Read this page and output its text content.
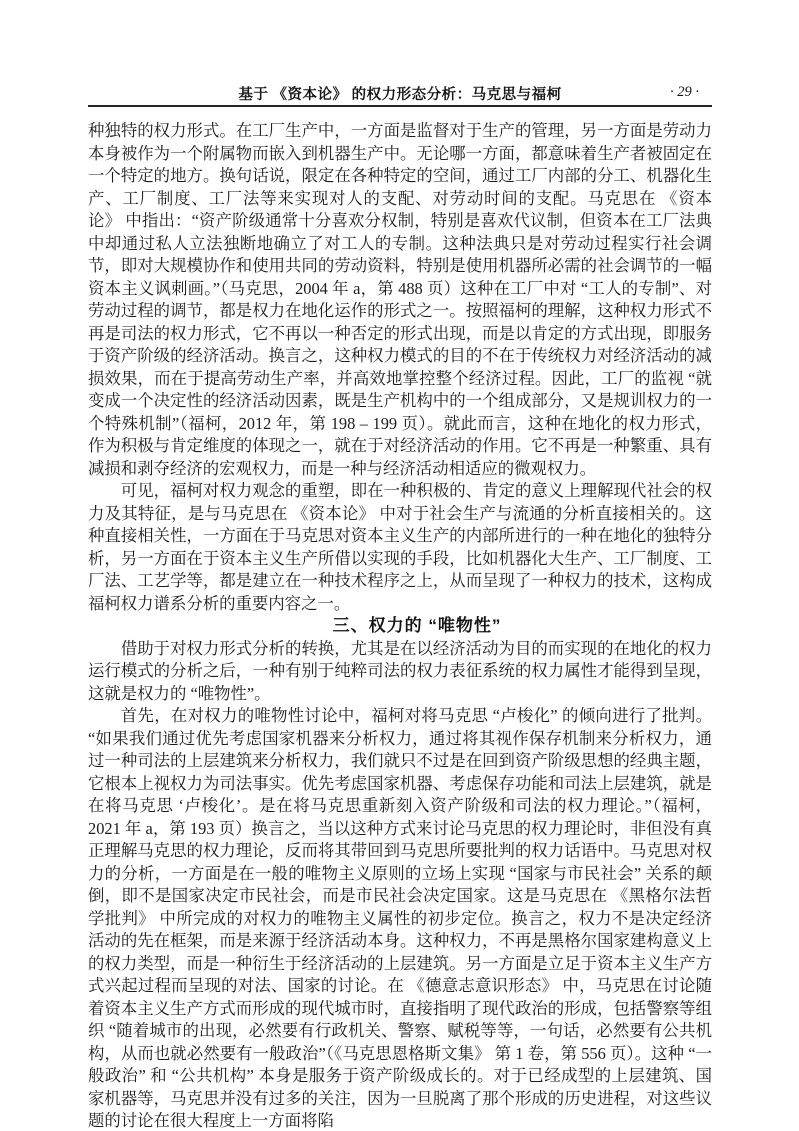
基于 《资本论》 的权力形态分析：马克思与福柯	· 29 ·

种独特的权力形式。在工厂生产中，一方面是监督对于生产的管理，另一方面是劳动力本身被作为一个附属物而嵌入到机器生产中。无论哪一方面，都意味着生产者被固定在一个特定的地方。换句话说，限定在各种特定的空间，通过工厂内部的分工、机器化生产、工厂制度、工厂法等来实现对人的支配、对劳动时间的支配。马克思在 《资本论》 中指出：“资产阶级通常十分喜欢分权制，特别是喜欢代议制，但资本在工厂法典中却通过私人立法独断地确立了对工人的专制。这种法典只是对劳动过程实行社会调节，即对大规模协作和使用共同的劳动资料，特别是使用机器所必需的社会调节的一幅资本主义讽刺画。”（马克思，2004 年 a，第 488 页）这种在工厂中对 “工人的专制”、对劳动过程的调节，都是权力在地化运作的形式之一。按照福柯的理解，这种权力形式不再是司法的权力形式，它不再以一种否定的形式出现，而是以肯定的方式出现，即服务于资产阶级的经济活动。换言之，这种权力模式的目的不在于传统权力对经济活动的减损效果，而在于提高劳动生产率，并高效地掌控整个经济过程。因此，工厂的监视 “就变成一个决定性的经济活动因素，既是生产机构中的一个组成部分，又是规训权力的一个特殊机制”（福柯，2012 年，第 198 – 199 页）。就此而言，这种在地化的权力形式，作为积极与肯定维度的体现之一，就在于对经济活动的作用。它不再是一种繁重、具有减损和剥夺经济的宏观权力，而是一种与经济活动相适应的微观权力。

可见，福柯对权力观念的重塑，即在一种积极的、肯定的意义上理解现代社会的权力及其特征，是与马克思在 《资本论》 中对于社会生产与流通的分析直接相关的。这种直接相关性，一方面在于马克思对资本主义生产的内部所进行的一种在地化的独特分析，另一方面在于资本主义生产所借以实现的手段，比如机器化大生产、工厂制度、工厂法、工艺学等，都是建立在一种技术程序之上，从而呈现了一种权力的技术，这构成福柯权力谱系分析的重要内容之一。

三、权力的 “唯物性”

借助于对权力形式分析的转换，尤其是在以经济活动为目的而实现的在地化的权力运行模式的分析之后，一种有别于纯粹司法的权力表征系统的权力属性才能得到呈现，这就是权力的 “唯物性”。

首先，在对权力的唯物性讨论中，福柯对将马克思 “卢梭化” 的倾向进行了批判。“如果我们通过优先考虑国家机器来分析权力，通过将其视作保存机制来分析权力，通过一种司法的上层建筑来分析权力，我们就只不过是在回到资产阶级思想的经典主题，它根本上视权力为司法事实。优先考虑国家机器、考虑保存功能和司法上层建筑，就是在将马克思 ‘卢梭化’。是在将马克思重新刻入资产阶级和司法的权力理论。”（福柯，2021 年 a，第 193 页）换言之，当以这种方式来讨论马克思的权力理论时，非但没有真正理解马克思的权力理论，反而将其带回到马克思所要批判的权力话语中。马克思对权力的分析，一方面是在一般的唯物主义原则的立场上实现 “国家与市民社会” 关系的颠倒，即不是国家决定市民社会，而是市民社会决定国家。这是马克思在 《黑格尔法哲学批判》 中所完成的对权力的唯物主义属性的初步定位。换言之，权力不是决定经济活动的先在框架，而是来源于经济活动本身。这种权力，不再是黑格尔国家建构意义上的权力类型，而是一种衍生于经济活动的上层建筑。另一方面是立足于资本主义生产方式兴起过程而呈现的对法、国家的讨论。在 《德意志意识形态》 中，马克思在讨论随着资本主义生产方式而形成的现代城市时，直接指明了现代政治的形成，包括警察等组织 “随着城市的出现，必然要有行政机关、警察、赋税等等，一句话，必然要有公共机构，从而也就必然要有一般政治”（《马克思恩格斯文集》 第 1 卷，第 556 页）。这种 “一般政治” 和 “公共机构” 本身是服务于资产阶级成长的。对于已经成型的上层建筑、国家机器等，马克思并没有过多的关注，因为一旦脱离了那个形成的历史进程，对这些议题的讨论在很大程度上一方面将陷
